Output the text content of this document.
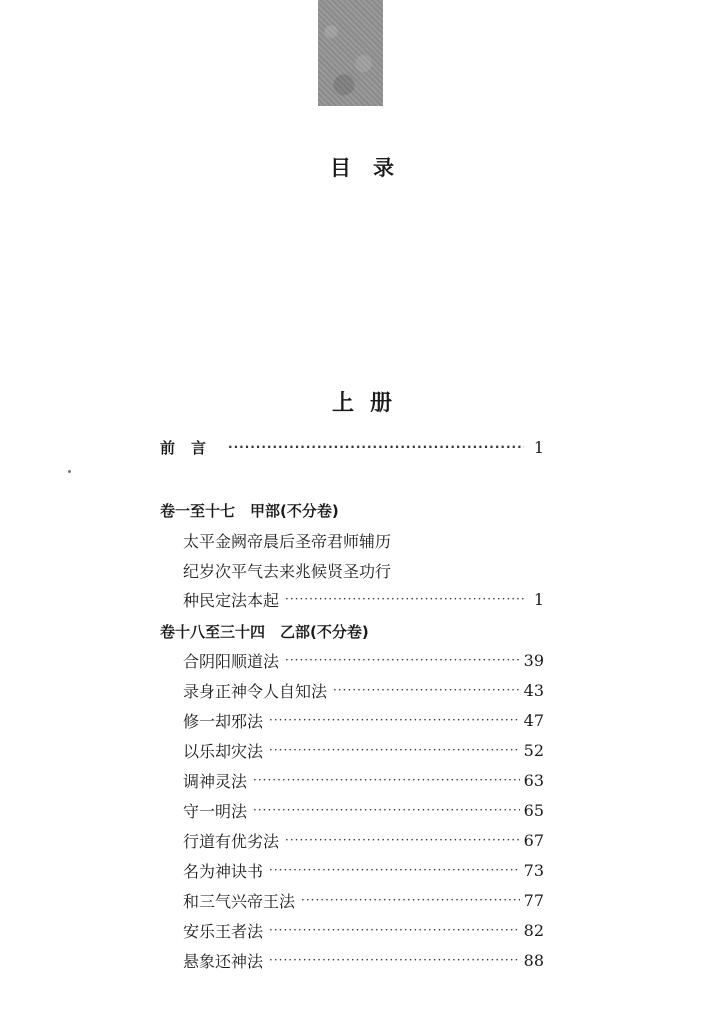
目录
上册
前言 ·····	1
卷一至十七　甲部(不分卷)
太平金阙帝晨后圣帝君师辅历
纪岁次平气去来兆候贤圣功行
种民定法本起 ·····	1
卷十八至三十四　乙部(不分卷)
合阴阳顺道法 ·····	39
录身正神令人自知法 ·····	43
修一却邪法 ·····	47
以乐却灾法 ·····	52
调神灵法 ·····	63
守一明法 ·····	65
行道有优劣法 ·····	67
名为神诀书 ·····	73
和三气兴帝王法 ·····	77
安乐王者法 ·····	82
悬象还神法 ·····	88
